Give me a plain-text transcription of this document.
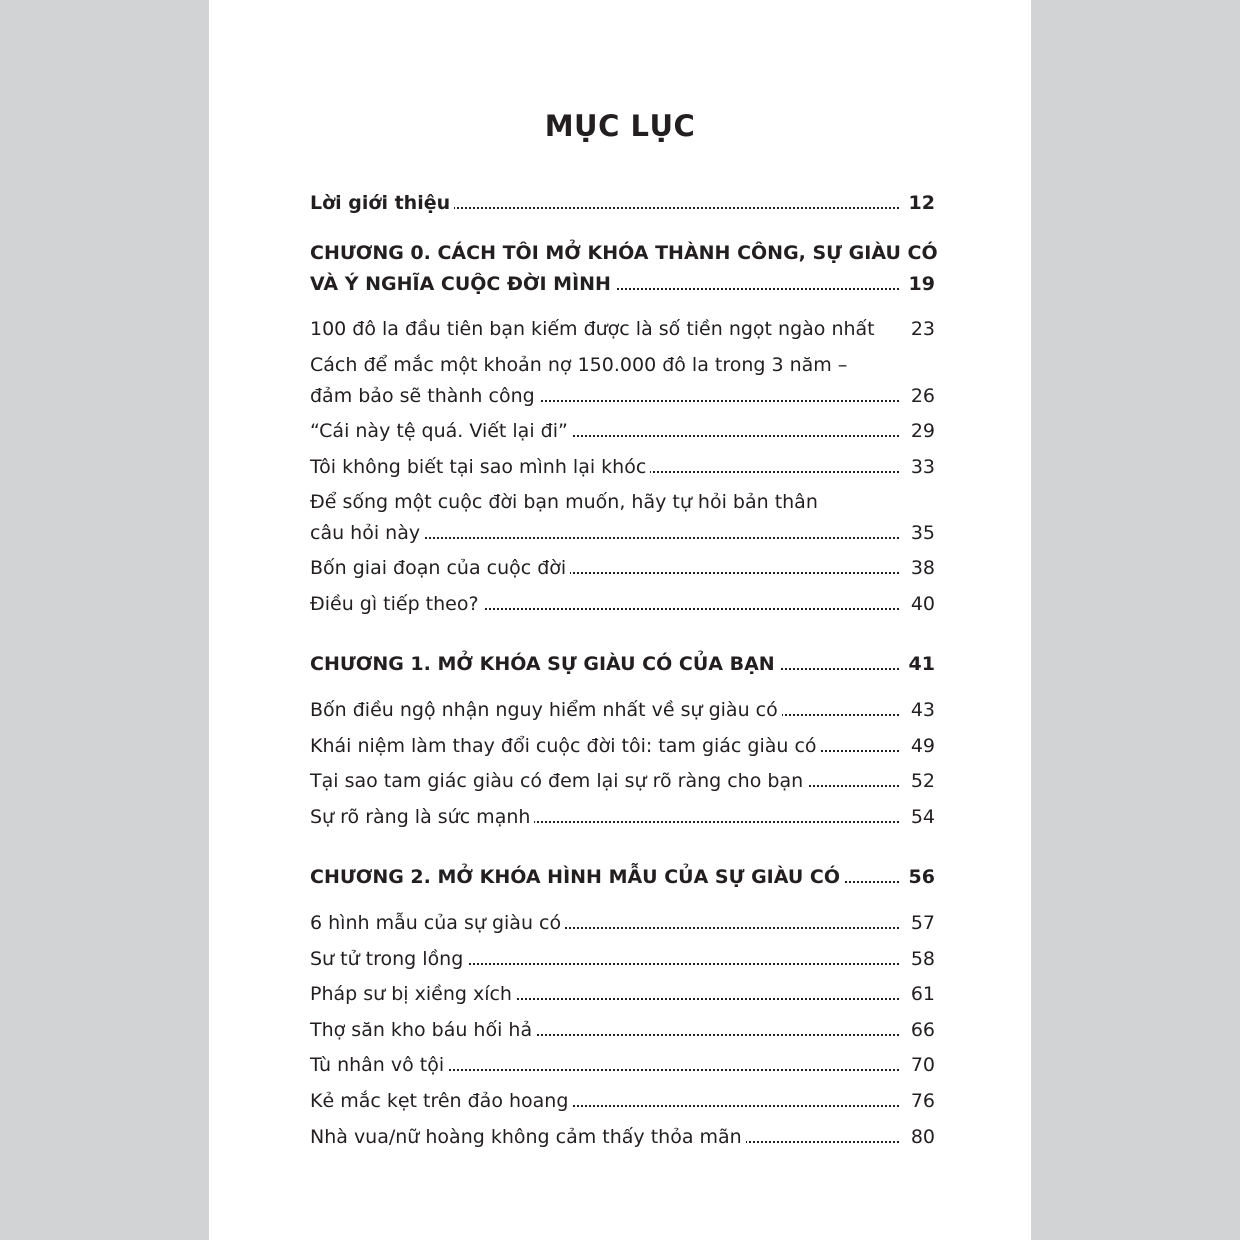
MỤC LỤC
Lời giới thiệu	12
CHƯƠNG 0. CÁCH TÔI MỞ KHÓA THÀNH CÔNG, SỰ GIÀU CÓ
VÀ Ý NGHĨA CUỘC ĐỜI MÌNH	19
100 đô la đầu tiên bạn kiếm được là số tiền ngọt ngào nhất	23
Cách để mắc một khoản nợ 150.000 đô la trong 3 năm –
đảm bảo sẽ thành công	26
“Cái này tệ quá. Viết lại đi”	29
Tôi không biết tại sao mình lại khóc	33
Để sống một cuộc đời bạn muốn, hãy tự hỏi bản thân
câu hỏi này	35
Bốn giai đoạn của cuộc đời	38
Điều gì tiếp theo?	40
CHƯƠNG 1. MỞ KHÓA SỰ GIÀU CÓ CỦA BẠN	41
Bốn điều ngộ nhận nguy hiểm nhất về sự giàu có	43
Khái niệm làm thay đổi cuộc đời tôi: tam giác giàu có	49
Tại sao tam giác giàu có đem lại sự rõ ràng cho bạn	52
Sự rõ ràng là sức mạnh	54
CHƯƠNG 2. MỞ KHÓA HÌNH MẪU CỦA SỰ GIÀU CÓ	56
6 hình mẫu của sự giàu có	57
Sư tử trong lồng	58
Pháp sư bị xiềng xích	61
Thợ săn kho báu hối hả	66
Tù nhân vô tội	70
Kẻ mắc kẹt trên đảo hoang	76
Nhà vua/nữ hoàng không cảm thấy thỏa mãn	80
